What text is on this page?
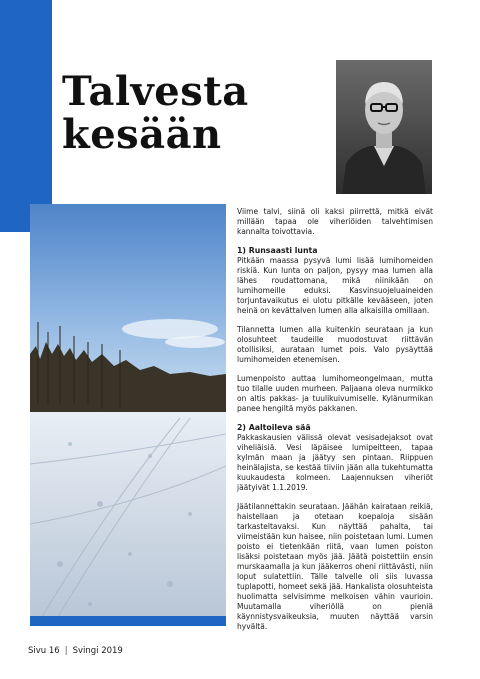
Talvesta
kesään

Viime talvi, siinä oli kaksi piirrettä, mitkä eivät millään tapaa ole viheriöiden talvehtimisen kannalta toivottavia.

1) Runsaasti lunta

Pitkään maassa pysyvä lumi lisää lumihomeiden riskiä. Kun lunta on paljon, pysyy maa lumen alla lähes roudattomana, mikä niinikään on lumihomeille eduksi. Kasvinsuojeluaineiden torjuntavaikutus ei ulotu pitkälle kevääseen, joten heinä on kevättalven lumen alla alkaisilla omillaan.

Tilannetta lumen alla kuitenkin seurataan ja kun olosuhteet taudeille muodostuvat riittävän otollisiksi, aurataan lumet pois. Valo pysäyttää lumihomeiden etenemisen.

Lumenpoisto auttaa lumihomeongelmaan, mutta tuo tilalle uuden murheen. Paljaana oleva nurmikko on altis pakkas- ja tuulikuivumiselle. Kylänurmikan panee hengiltä myös pakkanen.

2) Aaltoileva sää

Pakkaskausien välissä olevat vesisadejaksot ovat viheliäisiä. Vesi läpäisee lumipeitteen, tapaa kylmän maan ja jäätyy sen pintaan. Riippuen heinälajista, se kestää tiiviin jään alla tukehtumatta kuukaudesta kolmeen. Laajennuksen viheriöt jäätyivät 1.1.2019.

Jäätilannettakin seurataan. Jäähän kairataan reikiä, haistellaan ja otetaan koepaloja sisään tarkasteltavaksi. Kun näyttää pahalta, tai viimeistään kun haisee, niin poistetaan lumi. Lumen poisto ei tietenkään riitä, vaan lumen poiston lisäksi poistetaan myös jää. Jäätä poistettiin ensin murskaamalla ja kun jääkerros oheni riittävästi, niin loput sulatettiin. Tälle talvelle oli siis luvassa tuplapotti, homeet sekä jää. Hankalista olosuhteista huolimatta selvisimme melkoisen vähin vaurioin. Muutamalla viheriöllä on pieniä käynnistysvaikeuksia, muuten näyttää varsin hyvältä.

Sivu 16 | Svingi 2019
